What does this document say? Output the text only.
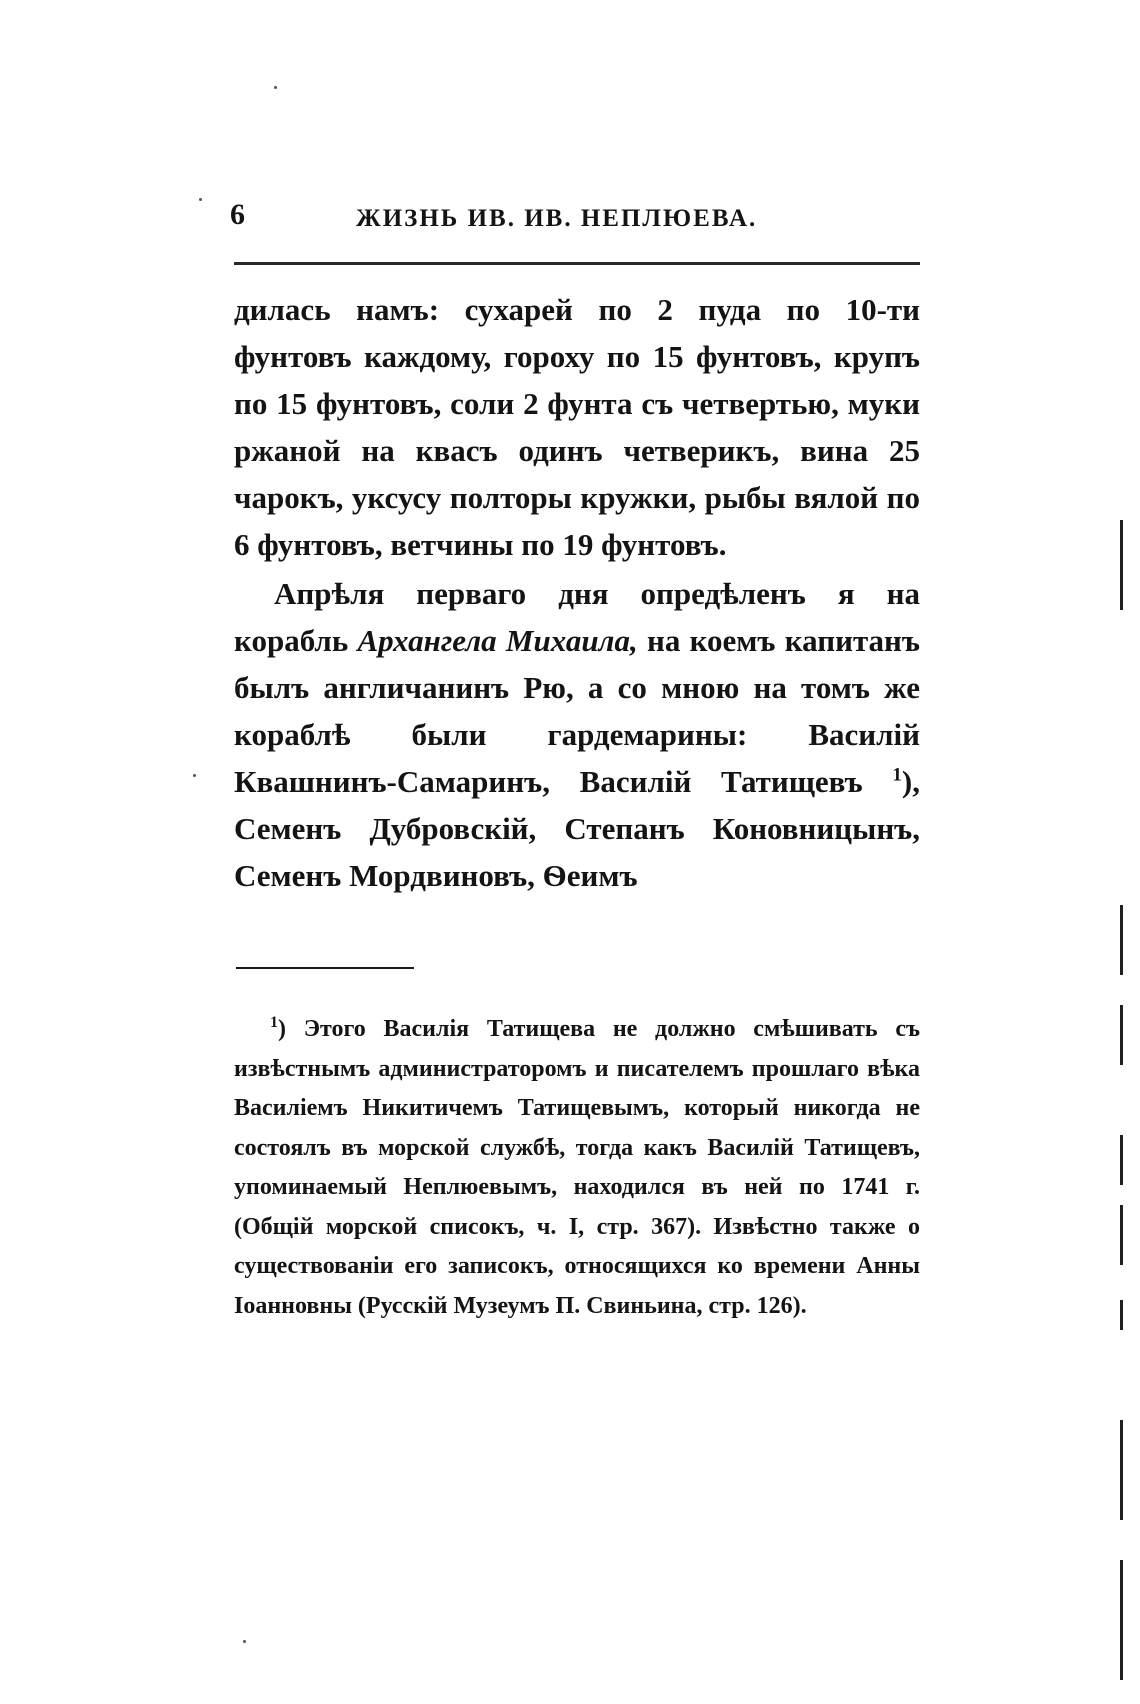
6	ЖИЗНЬ ИВ. ИВ. НЕПЛЮЕВА.

дилась намъ: сухарей по 2 пуда по 10-ти фунтовъ каждому, гороху по 15 фунтовъ, крупъ по 15 фунтовъ, соли 2 фунта съ четвертью, муки ржаной на квасъ одинъ четверикъ, вина 25 чарокъ, уксусу полторы кружки, рыбы вялой по 6 фунтовъ, ветчины по 19 фунтовъ.

Апрѣля перваго дня опредѣленъ я на корабль Архангела Михаила, на коемъ капитанъ былъ англичанинъ Рю, а со мною на томъ же кораблѣ были гардемарины: Василій Квашнинъ-Самаринъ, Василій Татищевъ $^1$), Семенъ Дубровскій, Степанъ Коновницынъ, Семенъ Мордвиновъ, Ѳеимъ

$^1$) Этого Василія Татищева не должно смѣшивать съ извѣстнымъ администраторомъ и писателемъ прошлаго вѣка Василіемъ Никитичемъ Татищевымъ, который никогда не состоялъ въ морской службѣ, тогда какъ Василій Татищевъ, упоминаемый Неплюевымъ, находился въ ней по 1741 г. (Общій морской списокъ, ч. I, стр. 367). Извѣстно также о существованіи его записокъ, относящихся ко времени Анны Іоанновны (Русскій Музеумъ П. Свиньина, стр. 126).
